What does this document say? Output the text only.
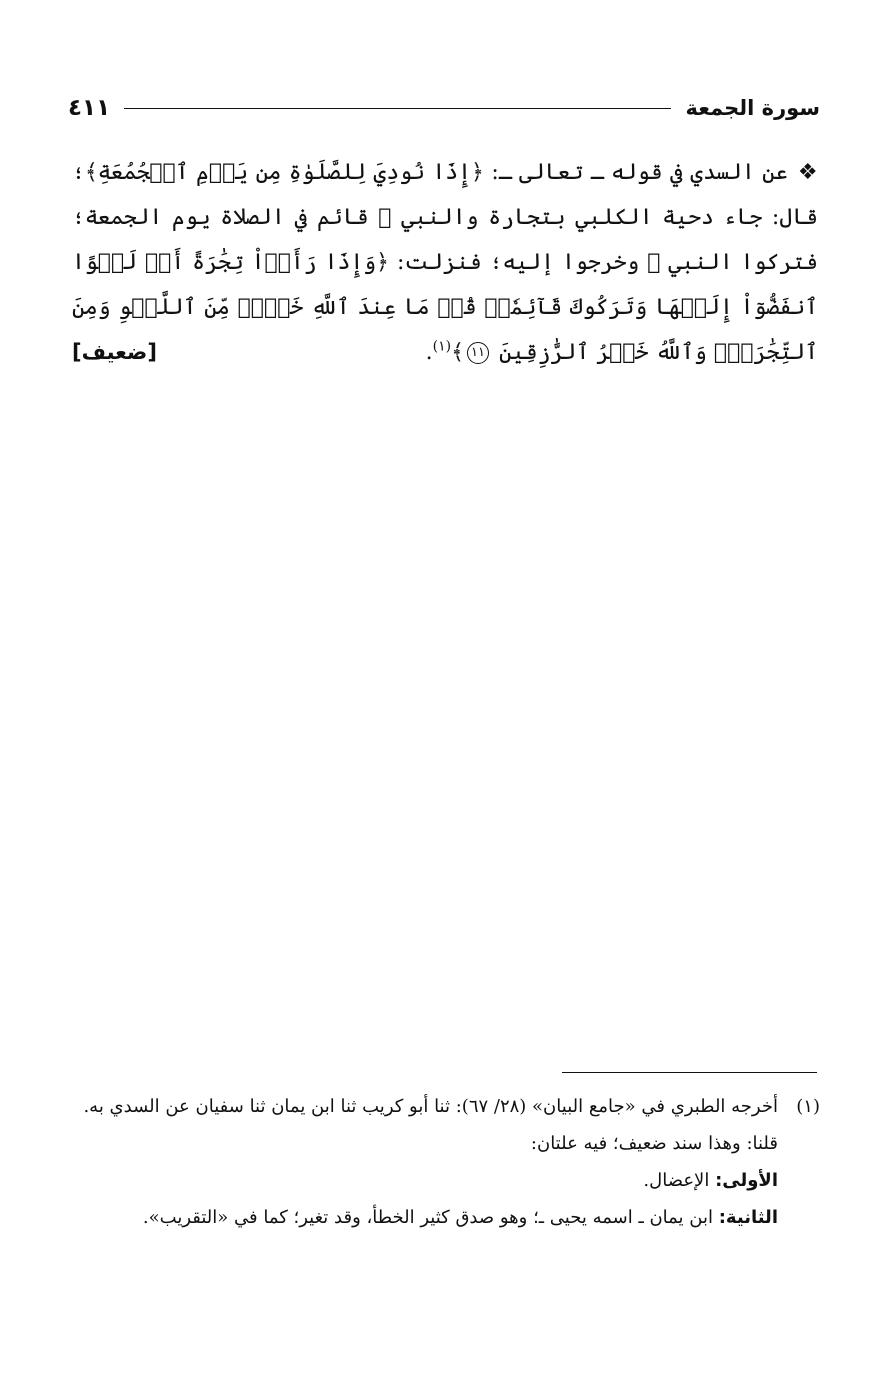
سورة الجمعة
٤١١
❖عن السدي في قوله ـ تعالى ـ: ﴿إِذَا نُودِيَ لِلصَّلَوٰةِ مِن يَوۡمِ ٱلۡجُمُعَةِ﴾؛ قال: جاء دحية الكلبي بتجارة والنبي ﷺ قائم في الصلاة يوم الجمعة؛ فتركوا النبي ﷺ وخرجوا إليه؛ فنزلت: ﴿وَإِذَا رَأَوۡاْ تِجَٰرَةً أَوۡ لَهۡوًا ٱنفَضُّوٓاْ إِلَيۡهَا وَتَرَكُوكَ قَآئِمٗاۚ قُلۡ مَا عِندَ ٱللَّهِ خَيۡرٞ مِّنَ ٱللَّهۡوِ وَمِنَ ٱلتِّجَٰرَةِۚ وَٱللَّهُ خَيۡرُ ٱلرَّٰزِقِينَ ١١﴾$^{(١)}$.
[ضعيف]
(١)
أخرجه الطبري في «جامع البيان» (٢٨/ ٦٧): ثنا أبو كريب ثنا ابن يمان ثنا سفيان عن السدي به.
قلنا: وهذا سند ضعيف؛ فيه علتان:
الأولى: الإعضال.
الثانية: ابن يمان ـ اسمه يحيى ـ؛ وهو صدق كثير الخطأ، وقد تغير؛ كما في «التقريب».
